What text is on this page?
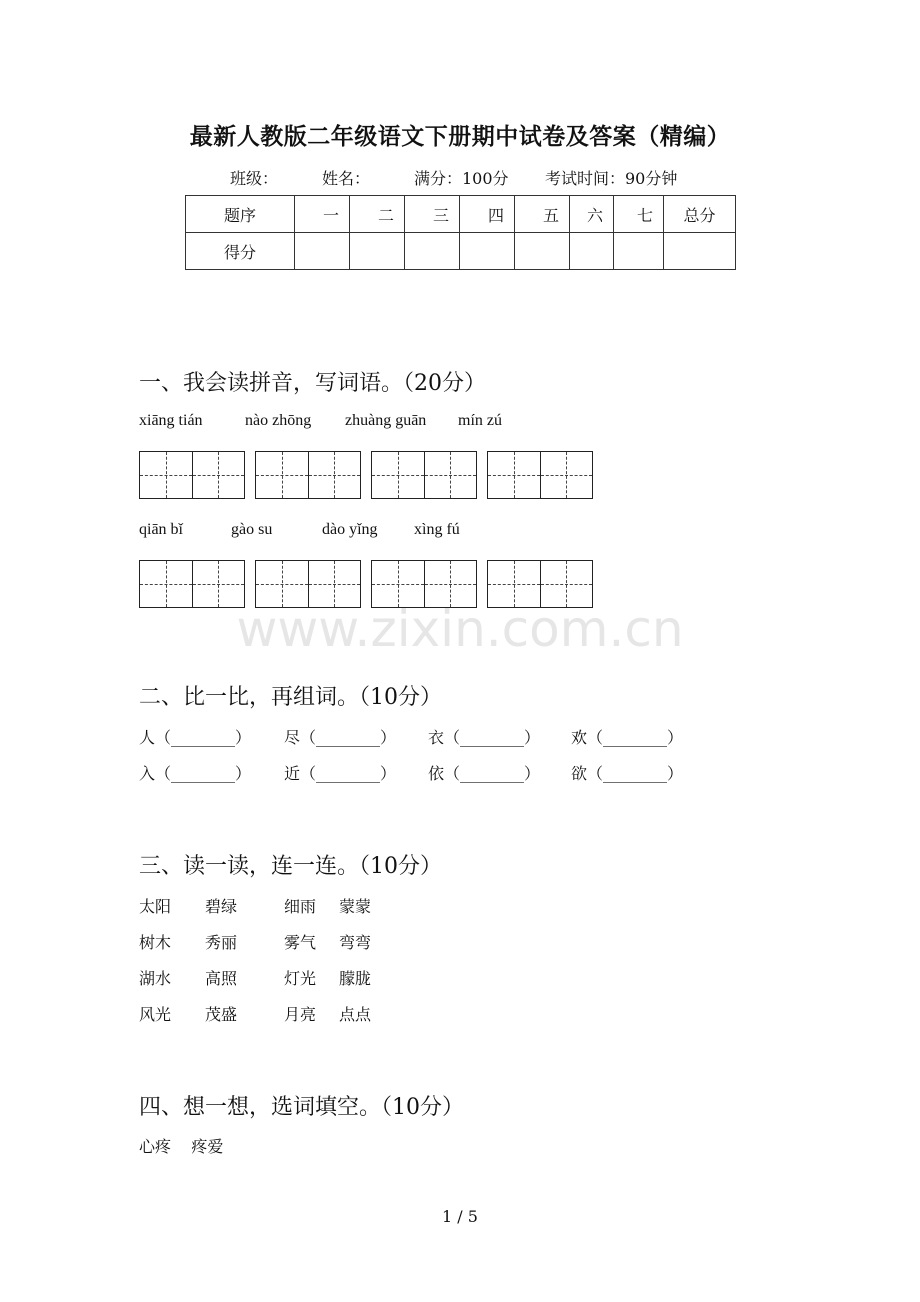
最新人教版二年级语文下册期中试卷及答案（精编）
班级：	姓名：	满分：100分 考试时间：90分钟
题序	一	二	三	四	五	六	七	总分
得分								
一、我会读拼音，写词语。（20分）
xiāng tián	nào zhōng zhuàng guān mín zú
qiān bǐ	gào su	dào yǐng xìng fú
www.zixin.com.cn
二、比一比，再组词。（10分）
人（________） 尽（________） 衣（________） 欢（________）
入（________） 近（________） 依（________） 欲（________）
三、读一读，连一连。（10分）
太阳 碧绿	细雨 蒙蒙
树木 秀丽	雾气 弯弯
湖水 高照	灯光 朦胧
风光 茂盛	月亮 点点
四、想一想，选词填空。（10分）
心疼    疼爱
1 / 5
